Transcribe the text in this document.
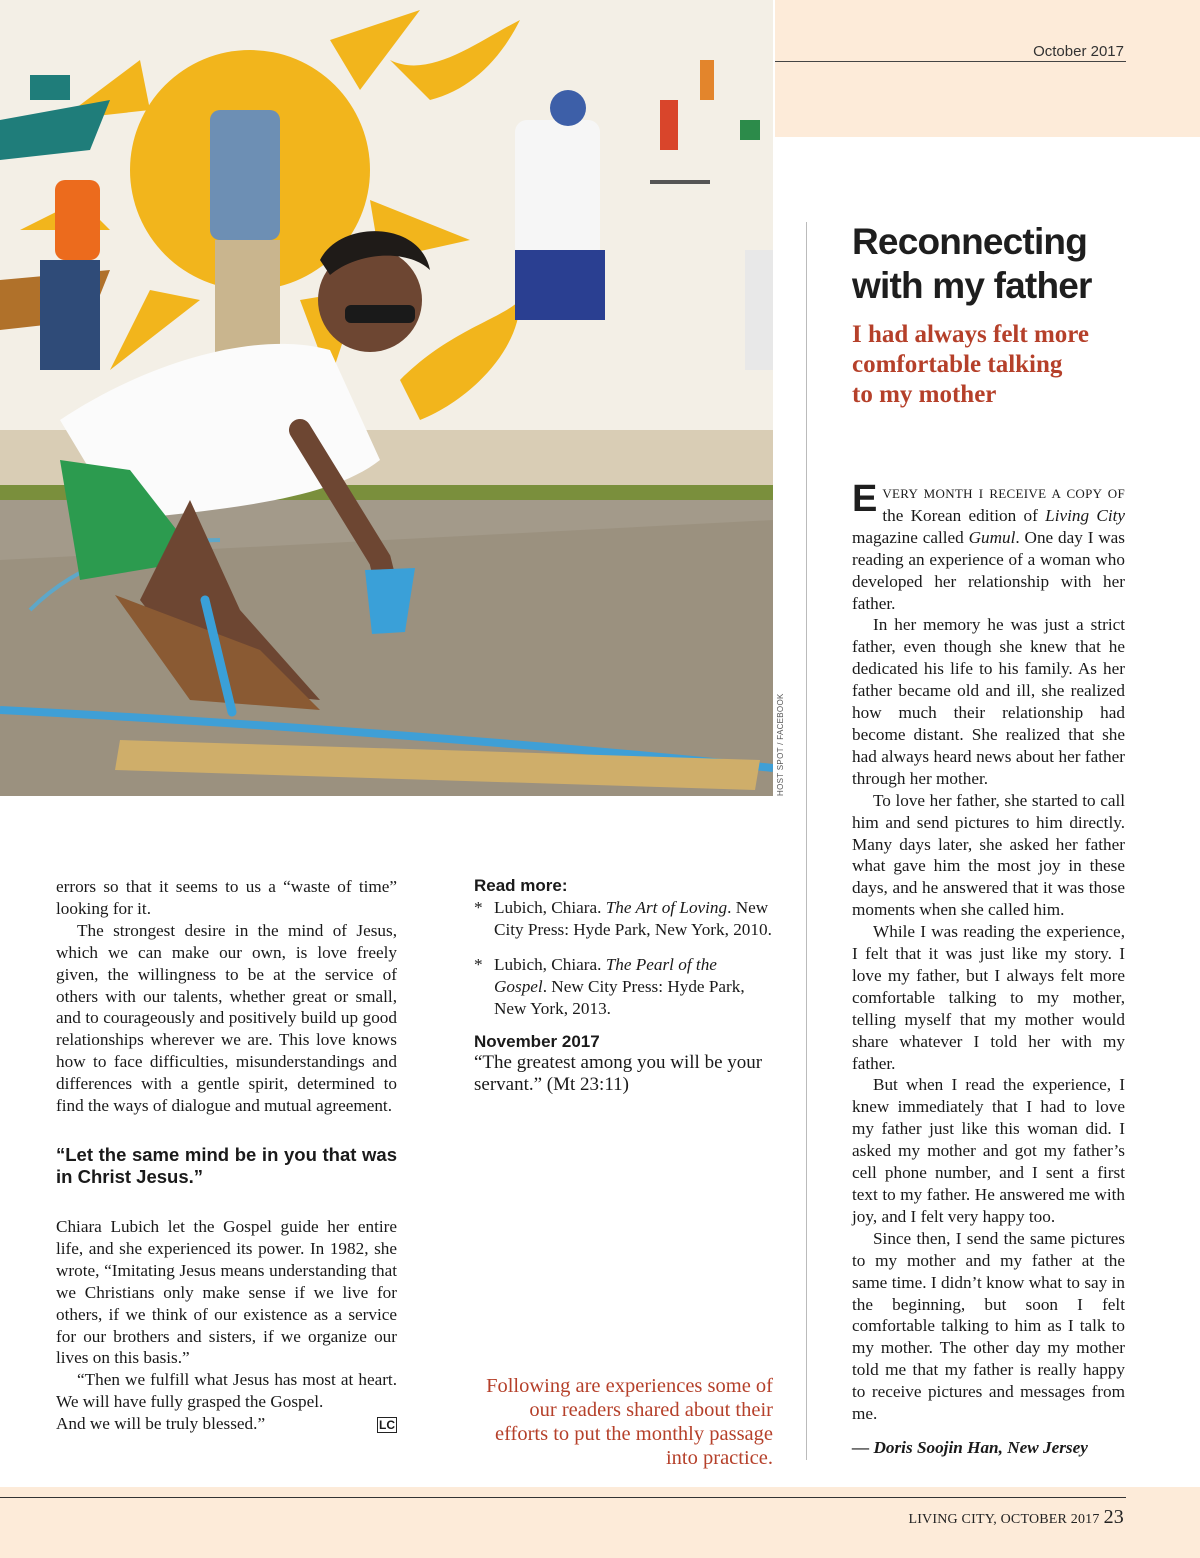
October 2017
HOST SPOT / FACEBOOK
Reconnecting
with my father
I had always felt more
comfortable talking
to my mother

EVERY MONTH I RECEIVE A COPY OF the Korean edition of Living City magazine called Gumul. One day I was reading an experience of a woman who developed her relationship with her father.

In her memory he was just a strict father, even though she knew that he dedicated his life to his family. As her father became old and ill, she realized how much their relationship had become distant. She realized that she had always heard news about her father through her mother.

To love her father, she started to call him and send pictures to him directly. Many days later, she asked her father what gave him the most joy in these days, and he answered that it was those moments when she called him.

While I was reading the experience, I felt that it was just like my story. I love my father, but I always felt more comfortable talking to my mother, telling myself that my mother would share whatever I told her with my father.

But when I read the experience, I knew immediately that I had to love my father just like this woman did. I asked my mother and got my father’s cell phone number, and I sent a first text to my father. He answered me with joy, and I felt very happy too.

Since then, I send the same pictures to my mother and my father at the same time. I didn’t know what to say in the beginning, but soon I felt comfortable talking to him as I talk to my mother. The other day my mother told me that my father is really happy to receive pictures and messages from me.

— Doris Soojin Han, New Jersey

errors so that it seems to us a “waste of time” looking for it.

The strongest desire in the mind of Jesus, which we can make our own, is love freely given, the willingness to be at the service of others with our talents, whether great or small, and to courageously and positively build up good relationships wherever we are. This love knows how to face difficulties, misunderstandings and differences with a gentle spirit, determined to find the ways of dialogue and mutual agreement.

“Let the same mind be in you that was in Christ Jesus.”

Chiara Lubich let the Gospel guide her entire life, and she experienced its power. In 1982, she wrote, “Imitating Jesus means understanding that we Christians only make sense if we live for others, if we think of our existence as a service for our brothers and sisters, if we organize our lives on this basis.”

“Then we fulfill what Jesus has most at heart. We will have fully grasped the Gospel.

And we will be truly blessed.”	LC
Read more:
* Lubich, Chiara. The Art of Loving. New City Press: Hyde Park, New York, 2010.
* Lubich, Chiara. The Pearl of the Gospel. New City Press: Hyde Park, New York, 2013.
November 2017
“The greatest among you will be your servant.” (Mt 23:11)

Following are experiences some of our readers shared about their efforts to put the monthly passage into practice.

LIVING CITY, OCTOBER 2017 23
